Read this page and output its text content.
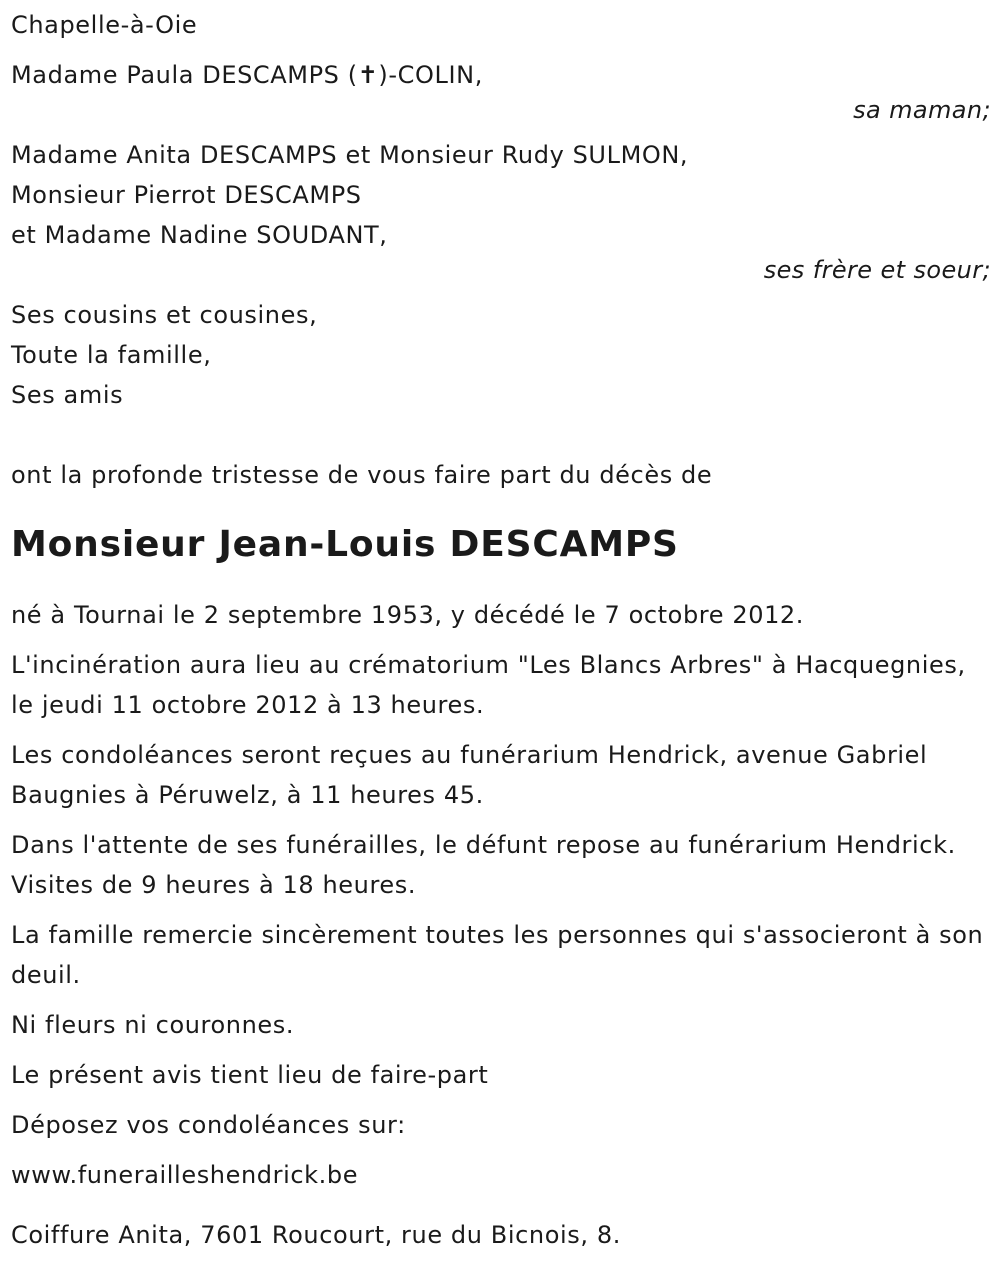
Chapelle-à-Oie
Madame Paula DESCAMPS (✝)-COLIN,
sa maman;
Madame Anita DESCAMPS et Monsieur Rudy SULMON,
Monsieur Pierrot DESCAMPS
et Madame Nadine SOUDANT,
ses frère et soeur;
Ses cousins et cousines,
Toute la famille,
Ses amis
ont la profonde tristesse de vous faire part du décès de
Monsieur Jean-Louis DESCAMPS
né à Tournai le 2 septembre 1953, y décédé le 7 octobre 2012.
L'incinération aura lieu au crématorium "Les Blancs Arbres" à Hacquegnies, le jeudi 11 octobre 2012 à 13 heures.
Les condoléances seront reçues au funérarium Hendrick, avenue Gabriel Baugnies à Péruwelz, à 11 heures 45.
Dans l'attente de ses funérailles, le défunt repose au funérarium Hendrick. Visites de 9 heures à 18 heures.
La famille remercie sincèrement toutes les personnes qui s'associeront à son deuil.
Ni fleurs ni couronnes.
Le présent avis tient lieu de faire-part
Déposez vos condoléances sur:
www.funerailleshendrick.be
Coiffure Anita, 7601 Roucourt, rue du Bicnois, 8.
